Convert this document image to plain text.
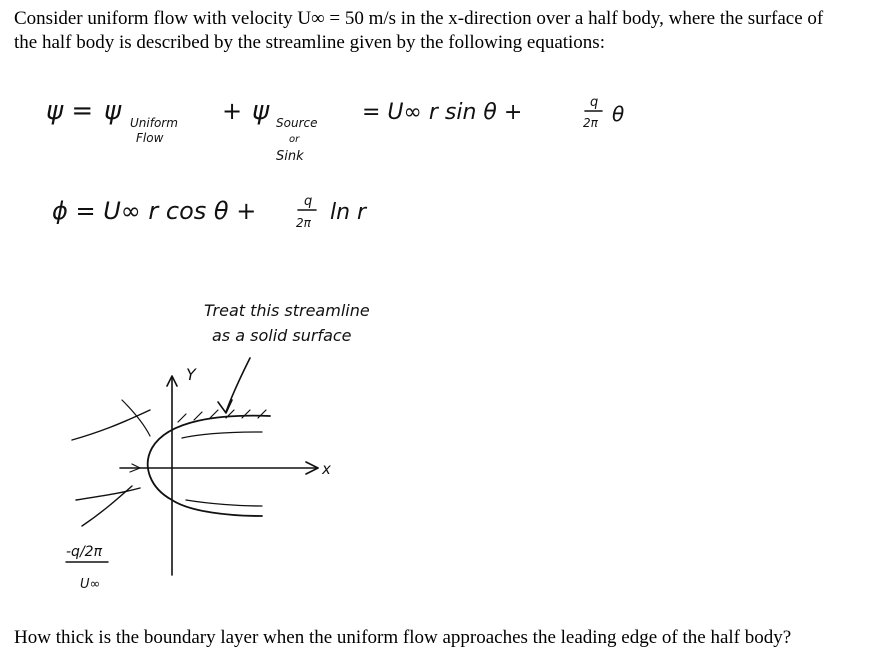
Consider uniform flow with velocity U∞ = 50 m/s in the x-direction over a half body, where the surface of
the half body is described by the streamline given by the following equations:

ψ = ψ Uniform
Flow
+ ψ Source
or
Sink
= U∞ r sin θ +	q
2π θ
ϕ = U∞ r cos θ +	q
2π ln r
Treat this streamline
as a solid surface
Y
x
-q/2π
U∞

How thick is the boundary layer when the uniform flow approaches the leading edge of the half body?
